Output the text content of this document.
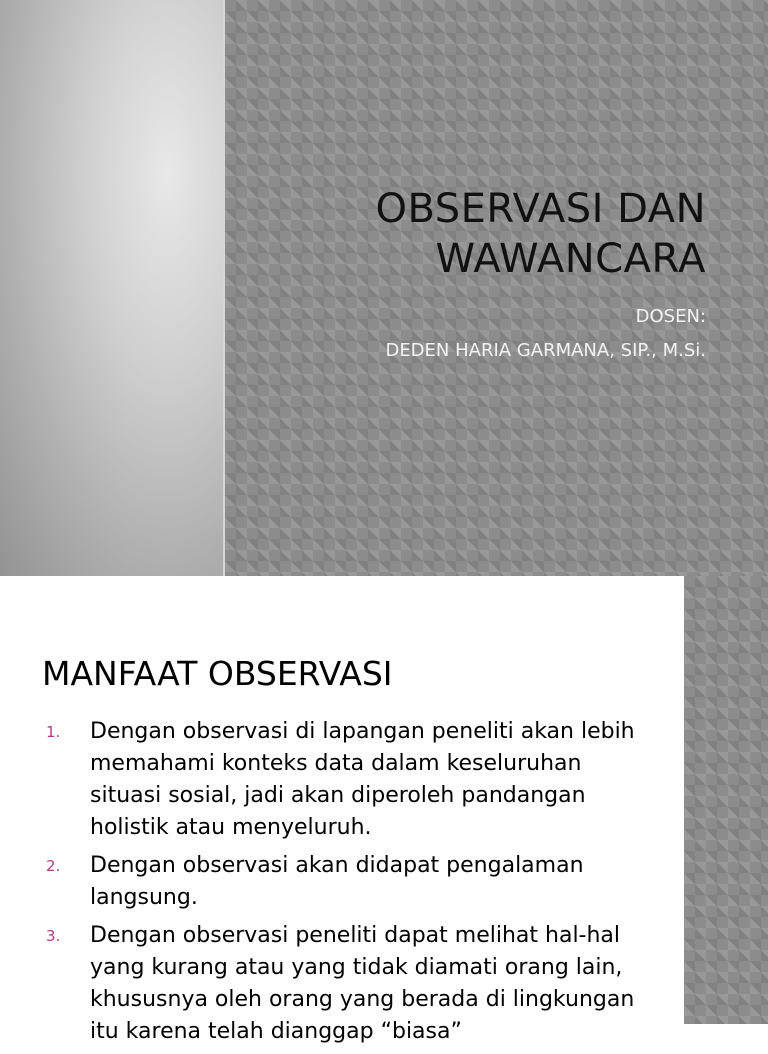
OBSERVASI DAN
WAWANCARA
DOSEN:
DEDEN HARIA GARMANA, SIP., M.Si.
MANFAAT OBSERVASI
1. Dengan observasi di lapangan peneliti akan lebih memahami konteks data dalam keseluruhan situasi sosial, jadi akan diperoleh pandangan holistik atau menyeluruh.
2. Dengan observasi akan didapat pengalaman langsung.
3. Dengan observasi peneliti dapat melihat hal-hal yang kurang atau yang tidak diamati orang lain, khususnya oleh orang yang berada di lingkungan itu karena telah dianggap “biasa”
